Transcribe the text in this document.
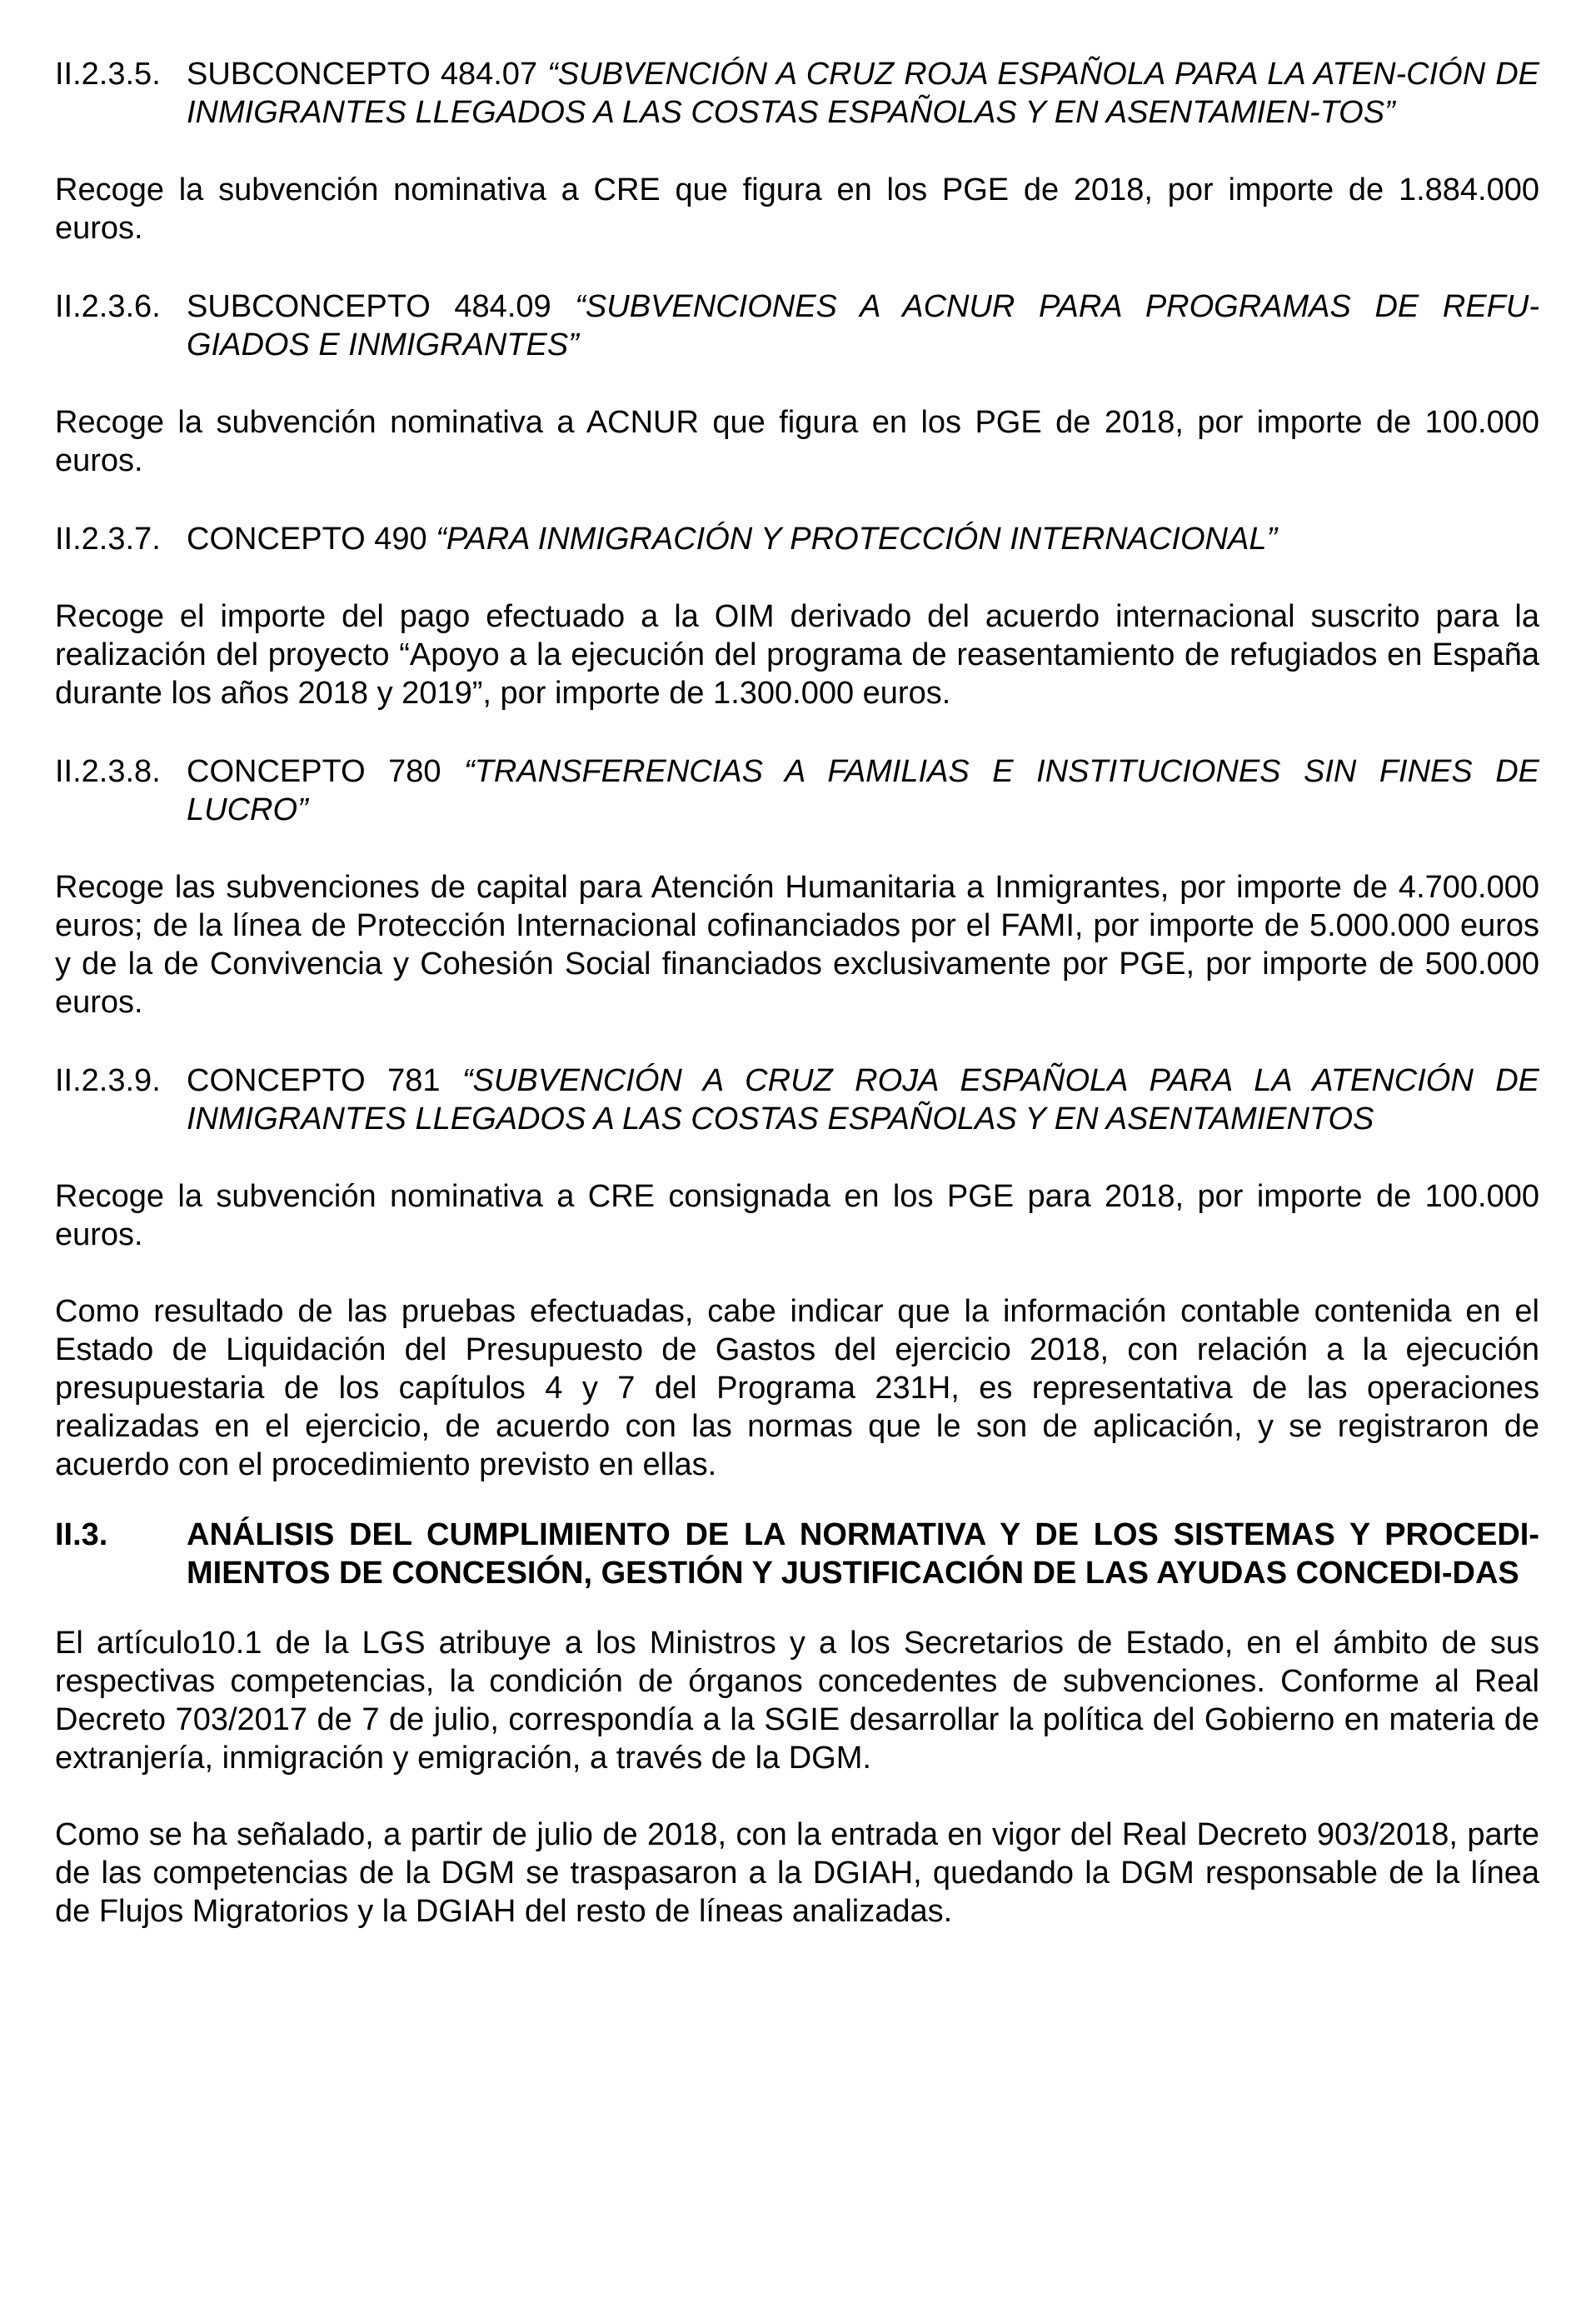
II.2.3.5. SUBCONCEPTO 484.07 “SUBVENCIÓN A CRUZ ROJA ESPAÑOLA PARA LA ATEN-CIÓN DE INMIGRANTES LLEGADOS A LAS COSTAS ESPAÑOLAS Y EN ASENTAMIEN-TOS”

Recoge la subvención nominativa a CRE que figura en los PGE de 2018, por importe de 1.884.000 euros.

II.2.3.6. SUBCONCEPTO 484.09 “SUBVENCIONES A ACNUR PARA PROGRAMAS DE REFU-GIADOS E INMIGRANTES”

Recoge la subvención nominativa a ACNUR que figura en los PGE de 2018, por importe de 100.000 euros.

II.2.3.7. CONCEPTO 490 “PARA INMIGRACIÓN Y PROTECCIÓN INTERNACIONAL”

Recoge el importe del pago efectuado a la OIM derivado del acuerdo internacional suscrito para la realización del proyecto “Apoyo a la ejecución del programa de reasentamiento de refugiados en España durante los años 2018 y 2019”, por importe de 1.300.000 euros.

II.2.3.8. CONCEPTO 780 “TRANSFERENCIAS A FAMILIAS E INSTITUCIONES SIN FINES DE LUCRO”

Recoge las subvenciones de capital para Atención Humanitaria a Inmigrantes, por importe de 4.700.000 euros; de la línea de Protección Internacional cofinanciados por el FAMI, por importe de 5.000.000 euros y de la de Convivencia y Cohesión Social financiados exclusivamente por PGE, por importe de 500.000 euros.

II.2.3.9. CONCEPTO 781 “SUBVENCIÓN A CRUZ ROJA ESPAÑOLA PARA LA ATENCIÓN DE INMIGRANTES LLEGADOS A LAS COSTAS ESPAÑOLAS Y EN ASENTAMIENTOS

Recoge la subvención nominativa a CRE consignada en los PGE para 2018, por importe de 100.000 euros.

Como resultado de las pruebas efectuadas, cabe indicar que la información contable contenida en el Estado de Liquidación del Presupuesto de Gastos del ejercicio 2018, con relación a la ejecución presupuestaria de los capítulos 4 y 7 del Programa 231H, es representativa de las operaciones realizadas en el ejercicio, de acuerdo con las normas que le son de aplicación, y se registraron de acuerdo con el procedimiento previsto en ellas.

II.3.	ANÁLISIS DEL CUMPLIMIENTO DE LA NORMATIVA Y DE LOS SISTEMAS Y PROCEDI-MIENTOS DE CONCESIÓN, GESTIÓN Y JUSTIFICACIÓN DE LAS AYUDAS CONCEDI-DAS

El artículo10.1 de la LGS atribuye a los Ministros y a los Secretarios de Estado, en el ámbito de sus respectivas competencias, la condición de órganos concedentes de subvenciones. Conforme al Real Decreto 703/2017 de 7 de julio, correspondía a la SGIE desarrollar la política del Gobierno en materia de extranjería, inmigración y emigración, a través de la DGM.

Como se ha señalado, a partir de julio de 2018, con la entrada en vigor del Real Decreto 903/2018, parte de las competencias de la DGM se traspasaron a la DGIAH, quedando la DGM responsable de la línea de Flujos Migratorios y la DGIAH del resto de líneas analizadas.
